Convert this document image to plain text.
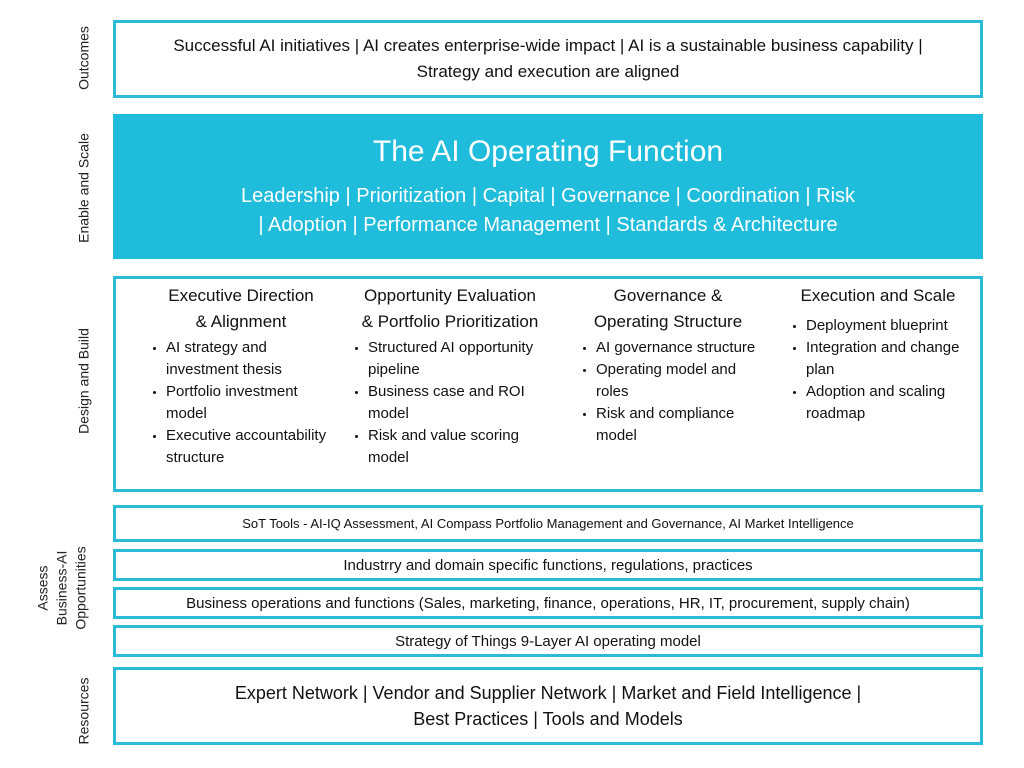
Outcomes
Enable and Scale
Design and Build
Assess Business-AI Opportunities
Resources
Successful AI initiatives | AI creates enterprise-wide impact | AI is a sustainable business capability |
Strategy and execution are aligned
The AI Operating Function
Leadership | Prioritization | Capital | Governance | Coordination | Risk
| Adoption | Performance Management | Standards & Architecture
Executive Direction
& Alignment
• AI strategy and investment thesis
• Portfolio investment model
• Executive accountability structure
Opportunity Evaluation
& Portfolio Prioritization
• Structured AI opportunity pipeline
• Business case and ROI model
• Risk and value scoring model
Governance &
Operating Structure
• AI governance structure
• Operating model and roles
• Risk and compliance model
Execution and Scale
• Deployment blueprint
• Integration and change plan
• Adoption and scaling roadmap
SoT Tools - AI-IQ Assessment, AI Compass Portfolio Management and Governance, AI Market Intelligence
Industrry and domain specific functions, regulations, practices
Business operations and functions (Sales, marketing, finance, operations, HR, IT, procurement, supply chain)
Strategy of Things 9-Layer AI operating model
Expert Network | Vendor and Supplier Network | Market and Field Intelligence |
Best Practices | Tools and Models
